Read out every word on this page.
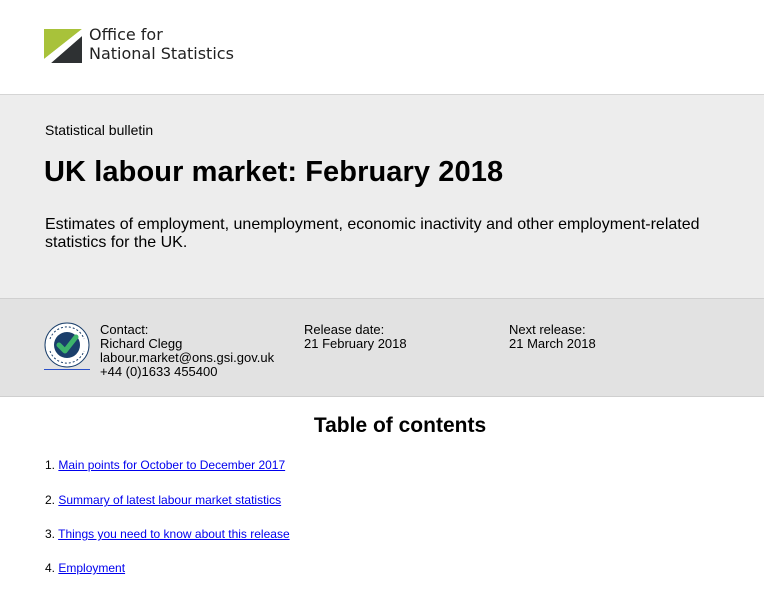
Office for
National Statistics
Statistical bulletin
UK labour market: February 2018
Estimates of employment, unemployment, economic inactivity and other employment-related statistics for the UK.
Contact:
Richard Clegg
labour.market@ons.gsi.gov.uk
+44 (0)1633 455400
Release date:
21 February 2018
Next release:
21 March 2018
Table of contents
1. Main points for October to December 2017
2. Summary of latest labour market statistics
3. Things you need to know about this release
4. Employment
